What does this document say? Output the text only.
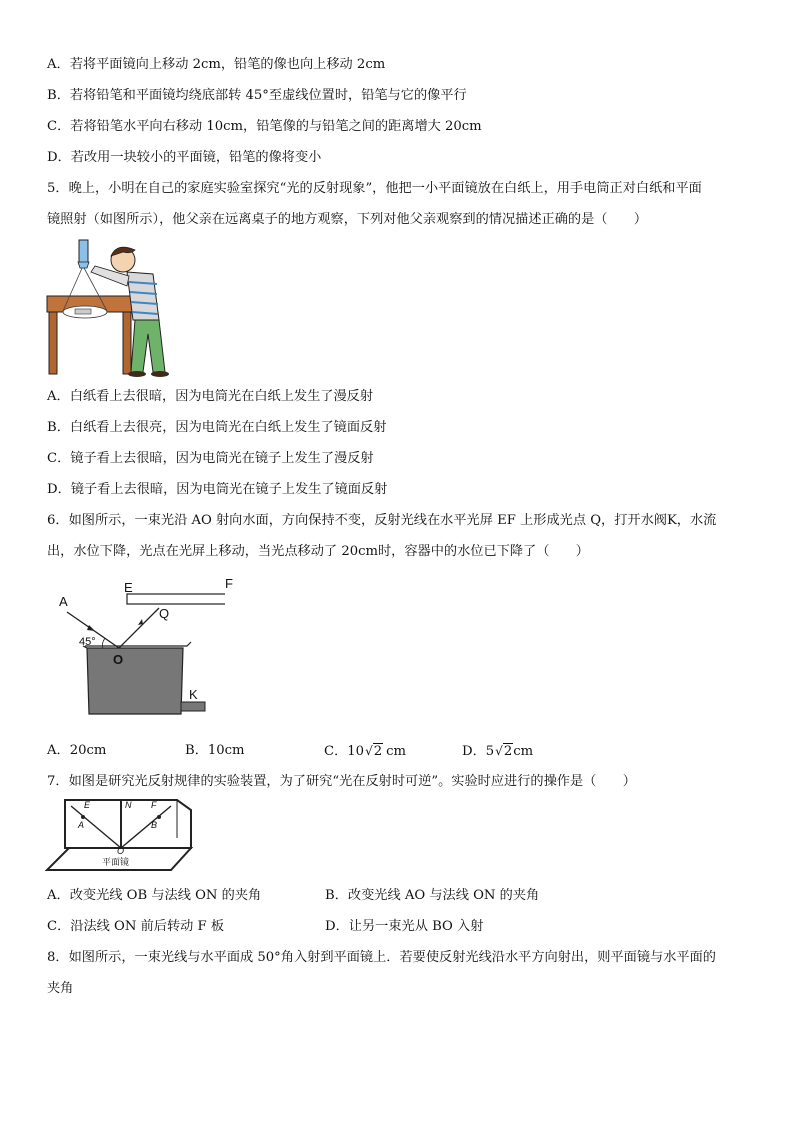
A．若将平面镜向上移动 2cm，铅笔的像也向上移动 2cm
B．若将铅笔和平面镜均绕底部转 45°至虚线位置时，铅笔与它的像平行
C．若将铅笔水平向右移动 10cm，铅笔像的与铅笔之间的距离增大 20cm
D．若改用一块较小的平面镜，铅笔的像将变小
5．晚上，小明在自己的家庭实验室探究“光的反射现象”，他把一小平面镜放在白纸上，用手电筒正对白纸和平面
镜照射（如图所示），他父亲在远离桌子的地方观察，下列对他父亲观察到的情况描述正确的是（　　）
A．白纸看上去很暗，因为电筒光在白纸上发生了漫反射
B．白纸看上去很亮，因为电筒光在白纸上发生了镜面反射
C．镜子看上去很暗，因为电筒光在镜子上发生了漫反射
D．镜子看上去很暗，因为电筒光在镜子上发生了镜面反射
6．如图所示，一束光沿 AO 射向水面，方向保持不变，反射光线在水平光屏 EF 上形成光点 Q，打开水阀K，水流
出，水位下降，光点在光屏上移动，当光点移动了 20cm时，容器中的水位已下降了（　　）
A
E	F
Q
45°
O
K
A．20cm	B．10cm	C．10√2 cm	D．5√2cm
7．如图是研究光反射规律的实验装置，为了研究“光在反射时可逆”。实验时应进行的操作是（　　）
E	N F
A	B
O
平面镜
A．改变光线 OB 与法线 ON 的夹角	B．改变光线 AO 与法线 ON 的夹角
C．沿法线 ON 前后转动 F 板	D．让另一束光从 BO 入射
8．如图所示，一束光线与水平面成 50°角入射到平面镜上．若要使反射光线沿水平方向射出，则平面镜与水平面的
夹角
